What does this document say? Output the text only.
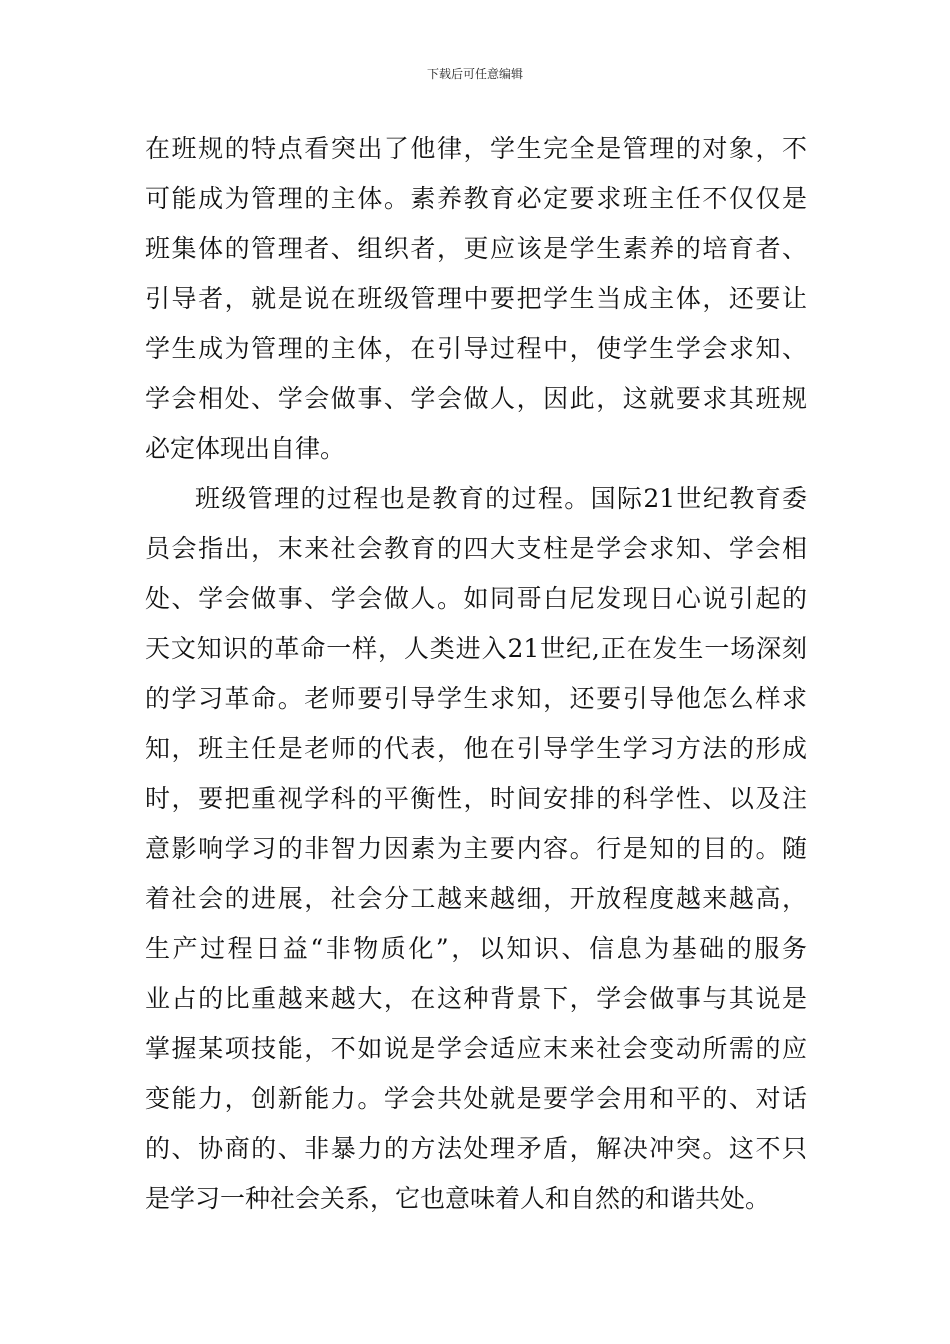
下载后可任意编辑
在班规的特点看突出了他律，学生完全是管理的对象，不
可能成为管理的主体。素养教育必定要求班主任不仅仅是
班集体的管理者、组织者，更应该是学生素养的培育者、
引导者，就是说在班级管理中要把学生当成主体，还要让
学生成为管理的主体，在引导过程中，使学生学会求知、
学会相处、学会做事、学会做人，因此，这就要求其班规
必定体现出自律。
班级管理的过程也是教育的过程。国际21世纪教育委
员会指出，末来社会教育的四大支柱是学会求知、学会相
处、学会做事、学会做人。如同哥白尼发现日心说引起的
天文知识的革命一样，人类进入21世纪,正在发生一场深刻
的学习革命。老师要引导学生求知，还要引导他怎么样求
知，班主任是老师的代表，他在引导学生学习方法的形成
时，要把重视学科的平衡性，时间安排的科学性、以及注
意影响学习的非智力因素为主要内容。行是知的目的。随
着社会的进展，社会分工越来越细，开放程度越来越高，
生产过程日益“非物质化”，以知识、信息为基础的服务
业占的比重越来越大，在这种背景下，学会做事与其说是
掌握某项技能，不如说是学会适应末来社会变动所需的应
变能力，创新能力。学会共处就是要学会用和平的、对话
的、协商的、非暴力的方法处理矛盾，解决冲突。这不只
是学习一种社会关系，它也意味着人和自然的和谐共处。
